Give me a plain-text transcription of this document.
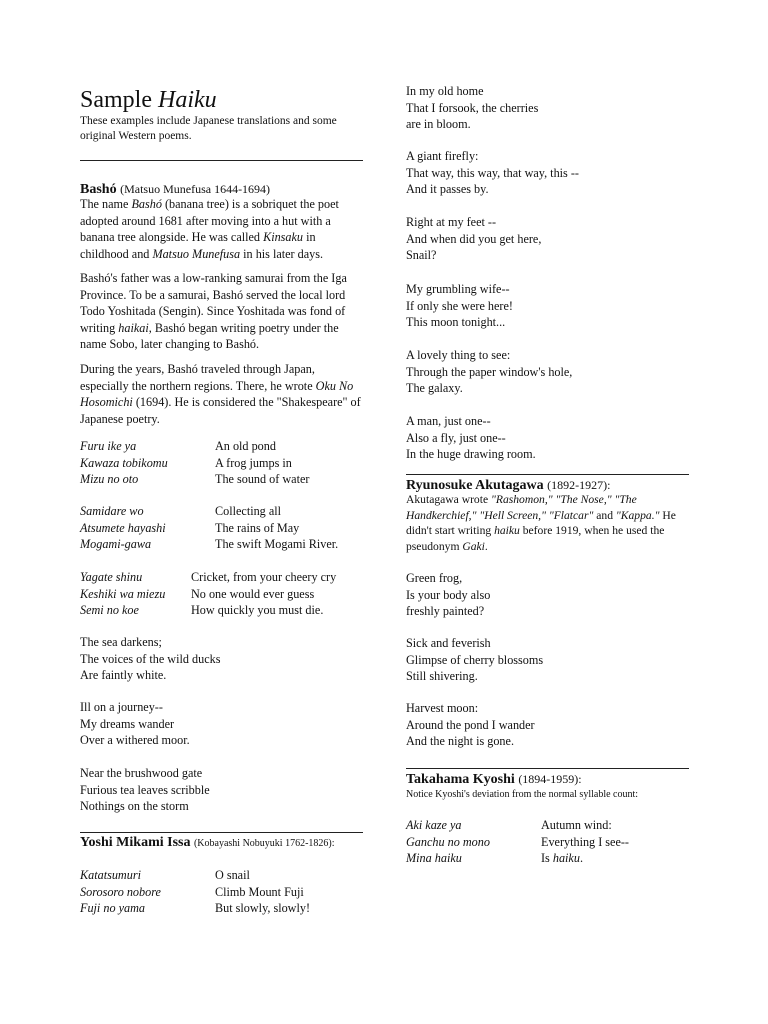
Sample Haiku
These examples include Japanese translations and some original Western poems.
Bashó (Matsuo Munefusa 1644-1694)
The name Bashó (banana tree) is a sobriquet the poet adopted around 1681 after moving into a hut with a banana tree alongside. He was called Kinsaku in childhood and Matsuo Munefusa in his later days.
Bashó's father was a low-ranking samurai from the Iga Province. To be a samurai, Bashó served the local lord Todo Yoshitada (Sengin). Since Yoshitada was fond of writing haikai, Bashó began writing poetry under the name Sobo, later changing to Bashó.
During the years, Bashó traveled through Japan, especially the northern regions. There, he wrote Oku No Hosomichi (1694). He is considered the "Shakespeare" of Japanese poetry.
Furu ike ya	An old pond
Kawaza tobikomu	A frog jumps in
Mizu no oto	The sound of water
Samidare wo	Collecting all
Atsumete hayashi	The rains of May
Mogami-gawa	The swift Mogami River.
Yagate shinu	Cricket, from your cheery cry
Keshiki wa miezu	No one would ever guess
Semi no koe	How quickly you must die.
The sea darkens;
The voices of the wild ducks
Are faintly white.
Ill on a journey--
My dreams wander
Over a withered moor.
Near the brushwood gate
Furious tea leaves scribble
Nothings on the storm
Yoshi Mikami Issa (Kobayashi Nobuyuki 1762-1826):
Katatsumuri	O snail
Sorosoro nobore	Climb Mount Fuji
Fuji no yama	But slowly, slowly!
In my old home
That I forsook, the cherries
are in bloom.
A giant firefly:
That way, this way, that way, this --
And it passes by.
Right at my feet --
And when did you get here,
Snail?
My grumbling wife--
If only she were here!
This moon tonight...
A lovely thing to see:
Through the paper window's hole,
The galaxy.
A man, just one--
Also a fly, just one--
In the huge drawing room.
Ryunosuke Akutagawa (1892-1927):
Akutagawa wrote "Rashomon," "The Nose," "The Handkerchief," "Hell Screen," "Flatcar" and "Kappa." He didn't start writing haiku before 1919, when he used the pseudonym Gaki.
Green frog,
Is your body also
freshly painted?
Sick and feverish
Glimpse of cherry blossoms
Still shivering.
Harvest moon:
Around the pond I wander
And the night is gone.
Takahama Kyoshi (1894-1959):
Notice Kyoshi's deviation from the normal syllable count:
Aki kaze ya	Autumn wind:
Ganchu no mono	Everything I see--
Mina haiku	Is haiku.
